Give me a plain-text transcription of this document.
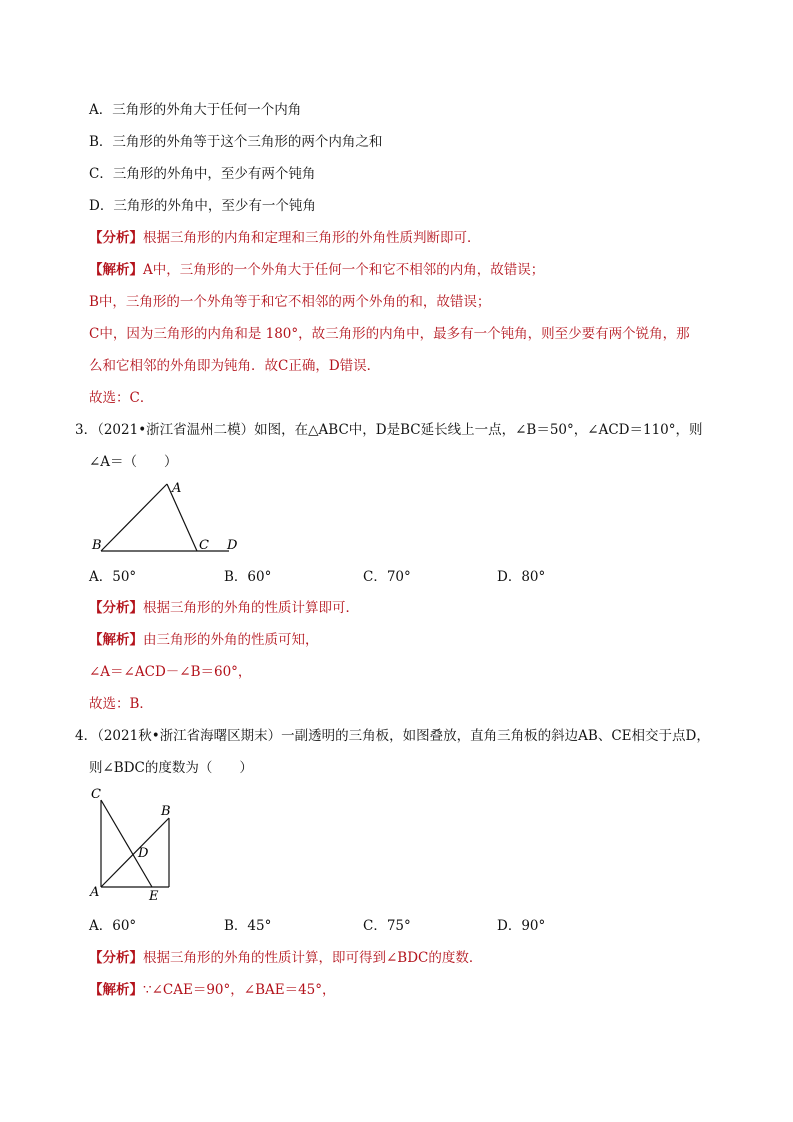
A．三角形的外角大于任何一个内角
B．三角形的外角等于这个三角形的两个内角之和
C．三角形的外角中，至少有两个钝角
D．三角形的外角中，至少有一个钝角
【分析】根据三角形的内角和定理和三角形的外角性质判断即可．
【解析】A中，三角形的一个外角大于任何一个和它不相邻的内角，故错误；
B中，三角形的一个外角等于和它不相邻的两个外角的和，故错误；
C中，因为三角形的内角和是 180°，故三角形的内角中，最多有一个钝角，则至少要有两个锐角，那
么和它相邻的外角即为钝角．故C正确，D错误．
故选：C．
3．（2021•浙江省温州二模）如图，在△ABC中，D是BC延长线上一点，∠B＝50°，∠ACD＝110°，则
∠A＝（　　）
A
B	C D
A．50°	B．60°	C．70°	D．80°
【分析】根据三角形的外角的性质计算即可．
【解析】由三角形的外角的性质可知，
∠A＝∠ACD－∠B＝60°，
故选：B．
4．（2021秋•浙江省海曙区期末）一副透明的三角板，如图叠放，直角三角板的斜边AB、CE相交于点D，
则∠BDC的度数为（　　）
C
B
D
A	E
A．60°	B．45°	C．75°	D．90°
【分析】根据三角形的外角的性质计算，即可得到∠BDC的度数．
【解析】∵∠CAE＝90°，∠BAE＝45°，
